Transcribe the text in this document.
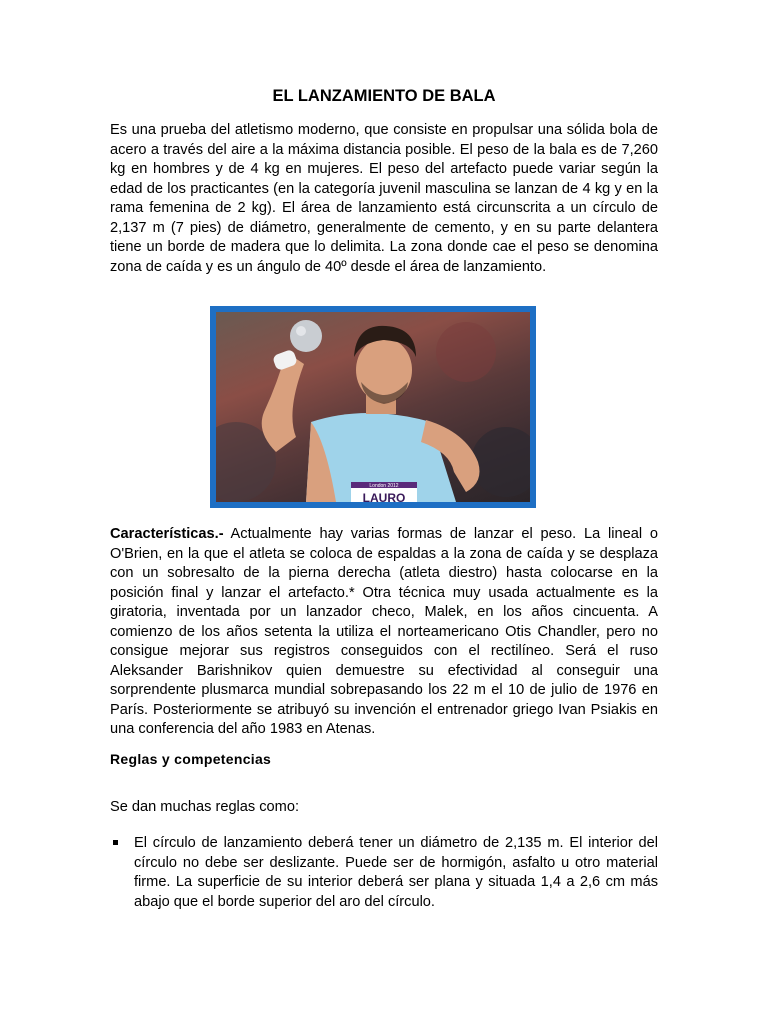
EL LANZAMIENTO DE BALA

Es una prueba del atletismo moderno, que consiste en propulsar una sólida bola de acero a través del aire a la máxima distancia posible. El peso de la bala es de 7,260 kg en hombres y de 4 kg en mujeres. El peso del artefacto puede variar según la edad de los practicantes (en la categoría juvenil masculina se lanzan de 4 kg y en la rama femenina de 2 kg). El área de lanzamiento está circunscrita a un círculo de 2,137 m (7 pies) de diámetro, generalmente de cemento, y en su parte delantera tiene un borde de madera que lo delimita. La zona donde cae el peso se denomina zona de caída y es un ángulo de 40º desde el área de lanzamiento.

London 2012
LAURO

Características.- Actualmente hay varias formas de lanzar el peso. La lineal o O'Brien, en la que el atleta se coloca de espaldas a la zona de caída y se desplaza con un sobresalto de la pierna derecha (atleta diestro) hasta colocarse en la posición final y lanzar el artefacto.* Otra técnica muy usada actualmente es la giratoria, inventada por un lanzador checo, Malek, en los años cincuenta. A comienzo de los años setenta la utiliza el norteamericano Otis Chandler, pero no consigue mejorar sus registros conseguidos con el rectilíneo. Será el ruso Aleksander Barishnikov quien demuestre su efectividad al conseguir una sorprendente plusmarca mundial sobrepasando los 22 m el 10 de julio de 1976 en París. Posteriormente se atribuyó su invención el entrenador griego Ivan Psiakis en una conferencia del año 1983 en Atenas.

Reglas y competencias

Se dan muchas reglas como:

El círculo de lanzamiento deberá tener un diámetro de 2,135 m. El interior del círculo no debe ser deslizante. Puede ser de hormigón, asfalto u otro material firme. La superficie de su interior deberá ser plana y situada 1,4 a 2,6 cm más abajo que el borde superior del aro del círculo.
